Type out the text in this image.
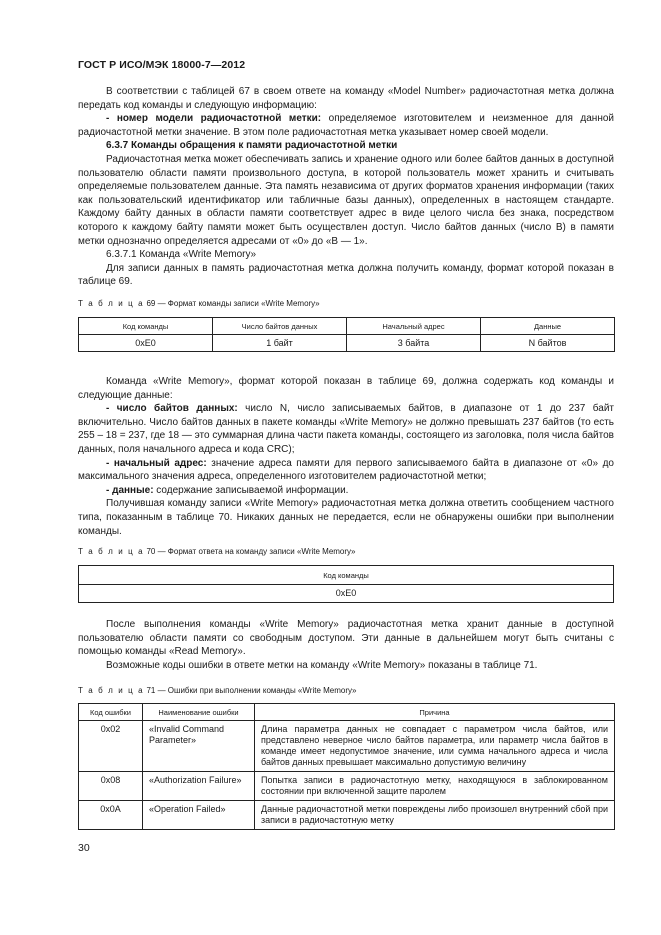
ГОСТ Р ИСО/МЭК 18000-7—2012

В соответствии с таблицей 67 в своем ответе на команду «Model Number» радиочастотная метка должна передать код команды и следующую информацию:

- номер модели радиочастотной метки: определяемое изготовителем и неизменное для данной радиочастотной метки значение. В этом поле радиочастотная метка указывает номер своей модели.

6.3.7 Команды обращения к памяти радиочастотной метки

Радиочастотная метка может обеспечивать запись и хранение одного или более байтов данных в доступной пользователю области памяти произвольного доступа, в которой пользователь может хранить и считывать определяемые пользователем данные. Эта память независима от других форматов хранения информации (таких как пользовательский идентификатор или табличные базы данных), определенных в настоящем стандарте. Каждому байту данных в области памяти соответствует адрес в виде целого числа без знака, посредством которого к каждому байту памяти может быть осуществлен доступ. Число байтов данных (число B) в памяти метки однозначно определяется адресами от «0» до «B — 1».

6.3.7.1 Команда «Write Memory»

Для записи данных в память радиочастотная метка должна получить команду, формат которой показан в таблице 69.

Т а б л и ц а 69 — Формат команды записи «Write Memory»
Код команды	Число байтов данных	Начальный адрес	Данные
0xE0	1 байт	3 байта	N байтов

Команда «Write Memory», формат которой показан в таблице 69, должна содержать код команды и следующие данные:

- число байтов данных: число N, число записываемых байтов, в диапазоне от 1 до 237 байт включительно. Число байтов данных в пакете команды «Write Memory» не должно превышать 237 байтов (то есть 255 – 18 = 237, где 18 — это суммарная длина части пакета команды, состоящего из заголовка, поля числа байтов данных, поля начального адреса и кода CRC);

- начальный адрес: значение адреса памяти для первого записываемого байта в диапазоне от «0» до максимального значения адреса, определенного изготовителем радиочастотной метки;

- данные: содержание записываемой информации.

Получившая команду записи «Write Memory» радиочастотная метка должна ответить сообщением частного типа, показанным в таблице 70. Никаких данных не передается, если не обнаружены ошибки при выполнении команды.

Т а б л и ц а 70 — Формат ответа на команду записи «Write Memory»
Код команды
0xE0

После выполнения команды «Write Memory» радиочастотная метка хранит данные в доступной пользователю области памяти со свободным доступом. Эти данные в дальнейшем могут быть считаны с помощью команды «Read Memory».

Возможные коды ошибки в ответе метки на команду «Write Memory» показаны в таблице 71.

Т а б л и ц а 71 — Ошибки при выполнении команды «Write Memory»
Код ошибки	Наименование ошибки	Причина
0x02	«Invalid Command Parameter»	Длина параметра данных не совпадает с параметром числа байтов, или представлено неверное число байтов параметра, или параметр числа байтов в команде имеет недопустимое значение, или сумма начального адреса и числа байтов данных превышает максимально допустимую величину
0x08	«Authorization Failure»	Попытка записи в радиочастотную метку, находящуюся в заблокированном состоянии при включенной защите паролем
0x0A	«Operation Failed»	Данные радиочастотной метки повреждены либо произошел внутренний сбой при записи в радиочастотную метку
30
